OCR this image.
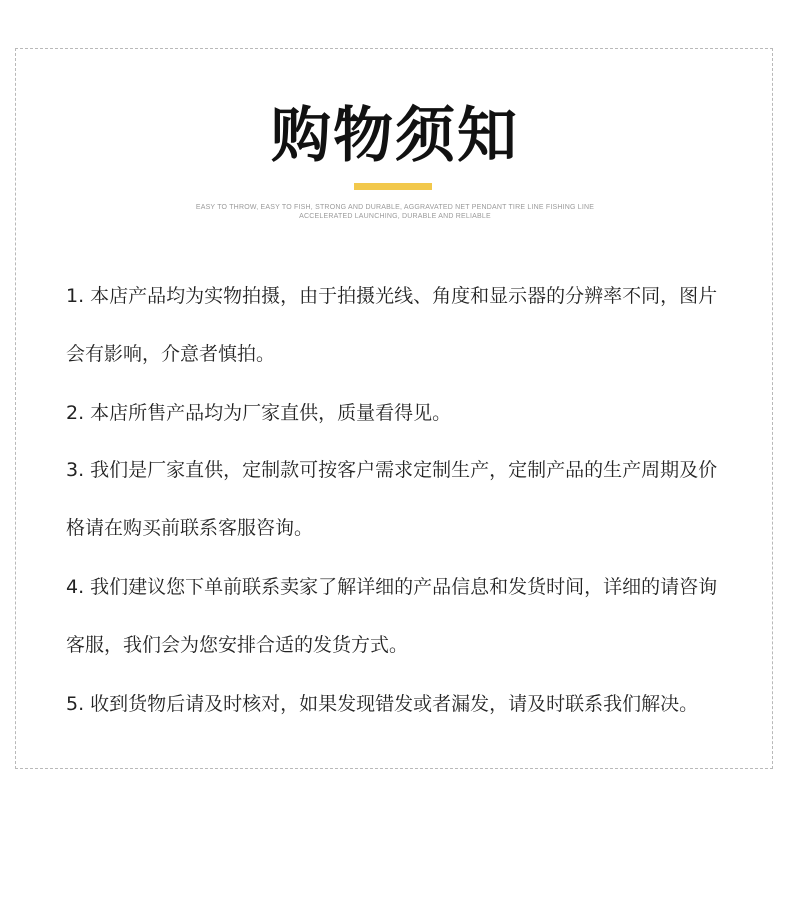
购物须知
EASY TO THROW, EASY TO FISH, STRONG AND DURABLE, AGGRAVATED NET PENDANT TIRE LINE FISHING LINE
ACCELERATED LAUNCHING, DURABLE AND RELIABLE

1. 本店产品均为实物拍摄，由于拍摄光线、角度和显示器的分辨率不同，图片会有影响，介意者慎拍。

2. 本店所售产品均为厂家直供，质量看得见。

3. 我们是厂家直供，定制款可按客户需求定制生产，定制产品的生产周期及价格请在购买前联系客服咨询。

4. 我们建议您下单前联系卖家了解详细的产品信息和发货时间，详细的请咨询客服，我们会为您安排合适的发货方式。

5. 收到货物后请及时核对，如果发现错发或者漏发，请及时联系我们解决。
